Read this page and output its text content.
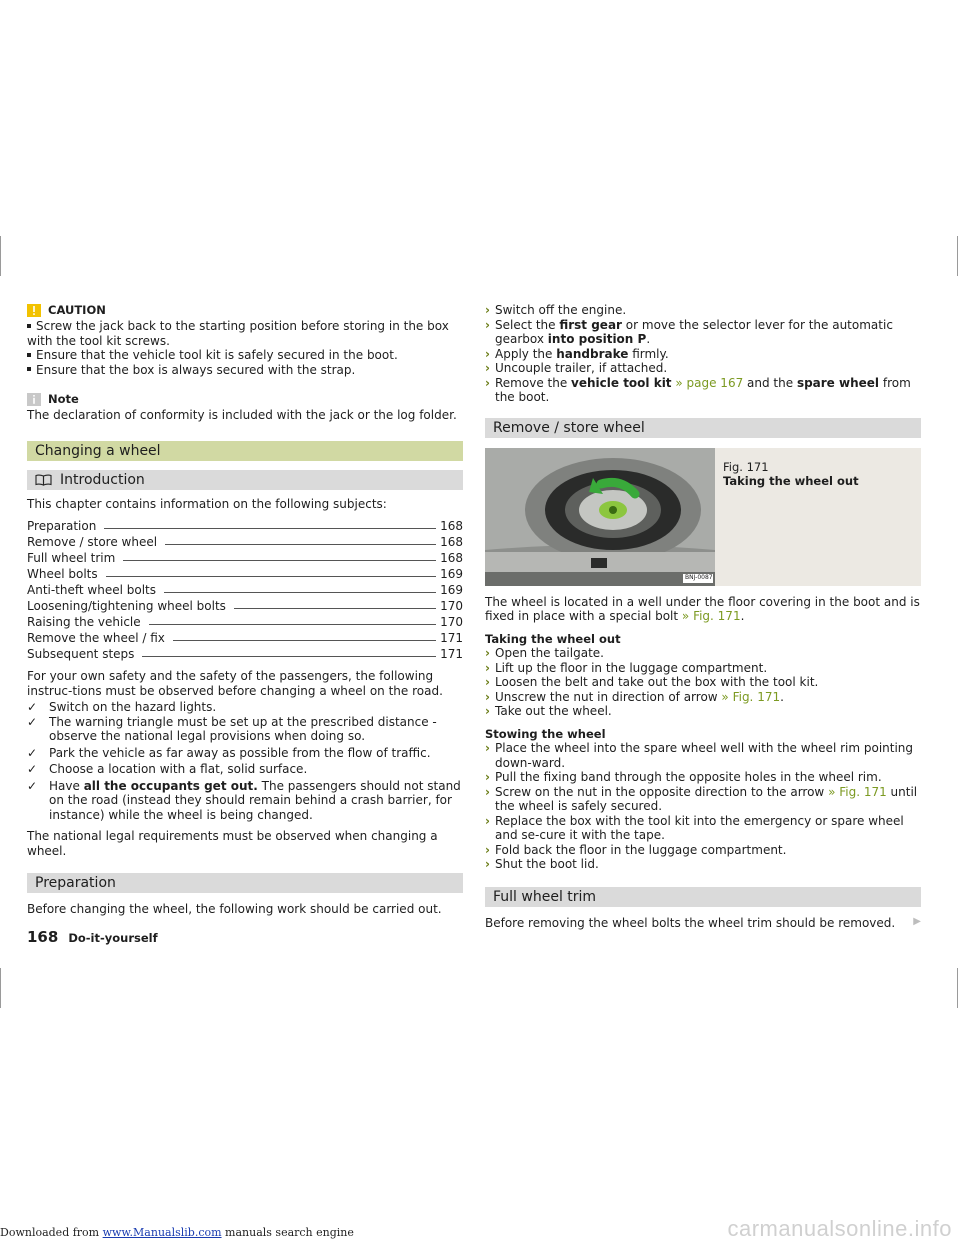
CAUTION

Screw the jack back to the starting position before storing in the box with the tool kit screws.

Ensure that the vehicle tool kit is safely secured in the boot.

Ensure that the box is always secured with the strap.

Note

The declaration of conformity is included with the jack or the log folder.

Changing a wheel
Introduction

This chapter contains information on the following subjects:

Preparation	168
Remove / store wheel	168
Full wheel trim	168
Wheel bolts	169
Anti-theft wheel bolts	169
Loosening/tightening wheel bolts	170
Raising the vehicle	170
Remove the wheel / fix	171
Subsequent steps	171

For your own safety and the safety of the passengers, the following instruc-tions must be observed before changing a wheel on the road.

✓ Switch on the hazard lights.

✓ The warning triangle must be set up at the prescribed distance - observe the national legal provisions when doing so.

✓ Park the vehicle as far away as possible from the flow of traffic.

✓ Choose a location with a flat, solid surface.

✓ Have all the occupants get out. The passengers should not stand on the road (instead they should remain behind a crash barrier, for instance) while the wheel is being changed.

The national legal requirements must be observed when changing a wheel.

Preparation

Before changing the wheel, the following work should be carried out.

› Switch off the engine.

› Select the first gear or move the selector lever for the automatic gearbox into position P.

› Apply the handbrake firmly.

› Uncouple trailer, if attached.

› Remove the vehicle tool kit » page 167 and the spare wheel from the boot.

Remove / store wheel
BNJ-0087
Fig. 171
Taking the wheel out

The wheel is located in a well under the floor covering in the boot and is fixed in place with a special bolt » Fig. 171.

Taking the wheel out

› Open the tailgate.

› Lift up the floor in the luggage compartment.

› Loosen the belt and take out the box with the tool kit.

› Unscrew the nut in direction of arrow » Fig. 171.

› Take out the wheel.

Stowing the wheel

› Place the wheel into the spare wheel well with the wheel rim pointing down-ward.

› Pull the fixing band through the opposite holes in the wheel rim.

› Screw on the nut in the opposite direction to the arrow » Fig. 171 until the wheel is safely secured.

› Replace the box with the tool kit into the emergency or spare wheel and se-cure it with the tape.

› Fold back the floor in the luggage compartment.

› Shut the boot lid.

Full wheel trim

Before removing the wheel bolts the wheel trim should be removed. ▶
168 Do-it-yourself
Downloaded from www.Manualslib.com manuals search engine	carmanualsonline.info
